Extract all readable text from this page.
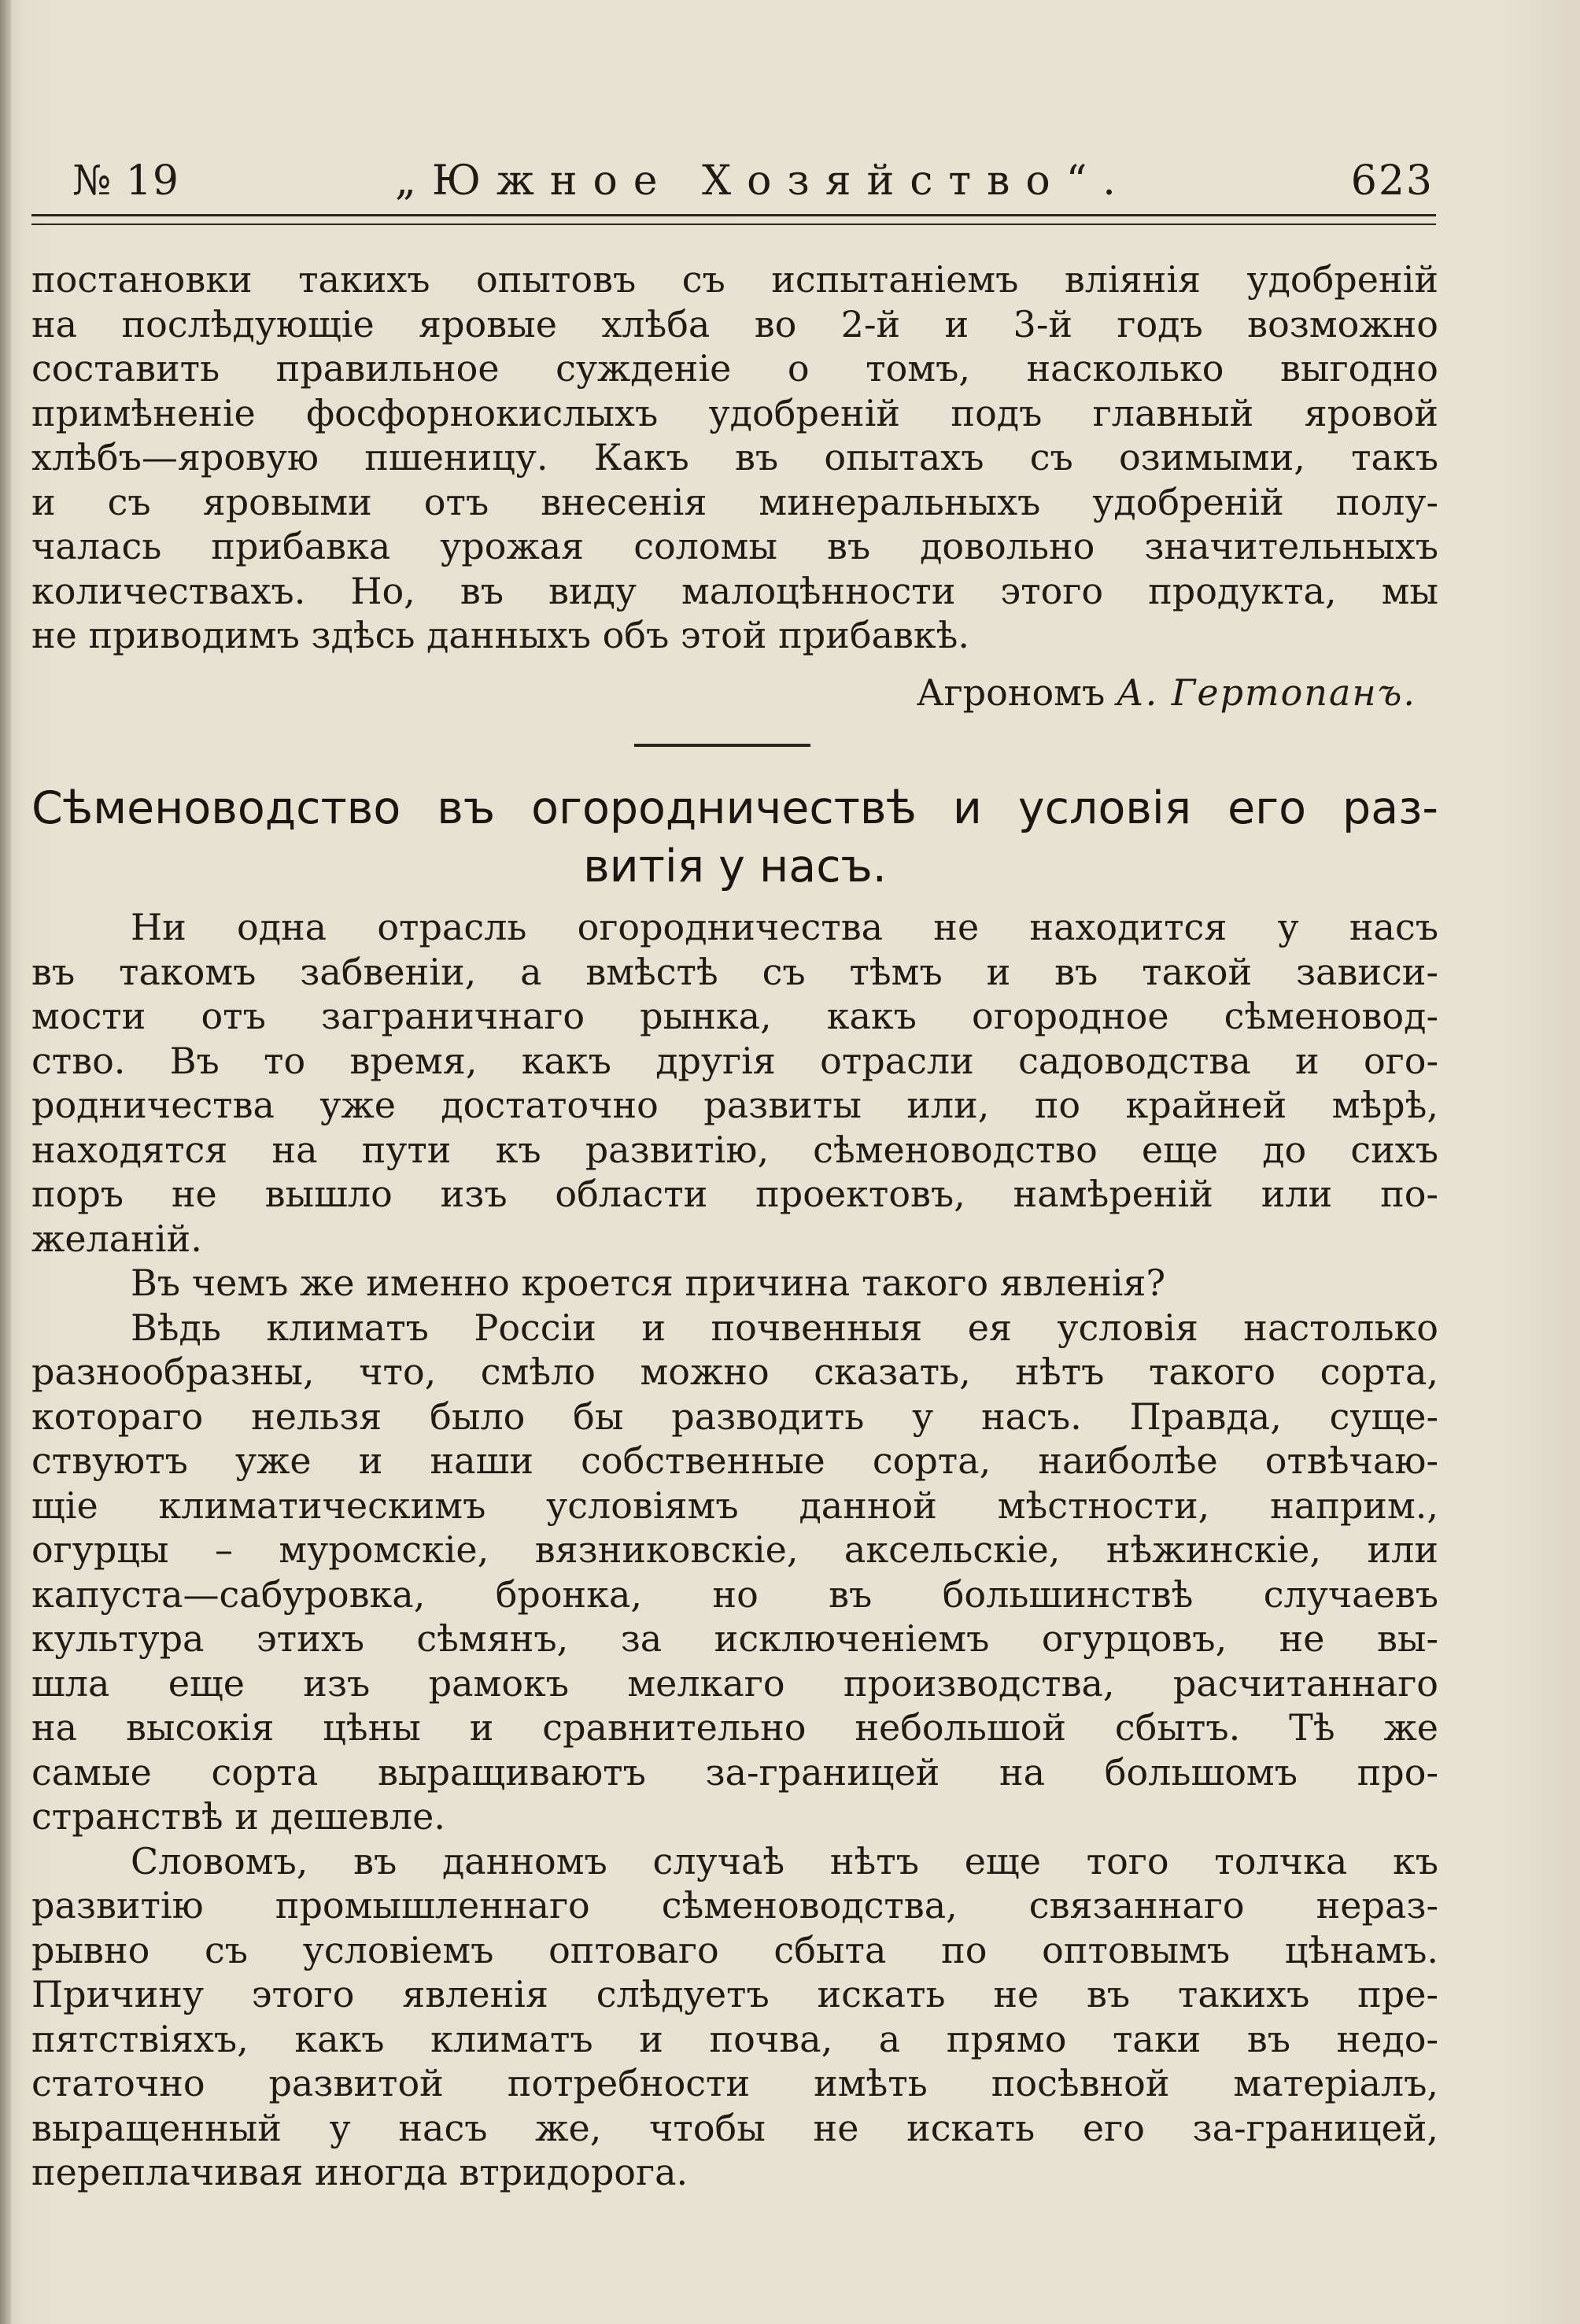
№ 19	„Южное Хозяйство“.	623
постановки такихъ опытовъ съ испытаніемъ вліянія удобреній
на послѣдующіе яровые хлѣба во 2-й и 3-й годъ возможно
составить правильное сужденіе о томъ, насколько выгодно
примѣненіе фосфорнокислыхъ удобреній подъ главный яровой
хлѣбъ—яровую пшеницу. Какъ въ опытахъ съ озимыми, такъ
и съ яровыми отъ внесенія минеральныхъ удобреній полу-
чалась прибавка урожая соломы въ довольно значительныхъ
количествахъ. Но, въ виду малоцѣнности этого продукта, мы
не приводимъ здѣсь данныхъ объ этой прибавкѣ.
Агрономъ А. Гертопанъ.
Сѣменоводство въ огородничествѣ и условія его раз-
витія у насъ.
Ни одна отрасль огородничества не находится у насъ
въ такомъ забвеніи, а вмѣстѣ съ тѣмъ и въ такой зависи-
мости отъ заграничнаго рынка, какъ огородное сѣменовод-
ство. Въ то время, какъ другія отрасли садоводства и ого-
родничества уже достаточно развиты или, по крайней мѣрѣ,
находятся на пути къ развитію, сѣменоводство еще до сихъ
поръ не вышло изъ области проектовъ, намѣреній или по-
желаній.
Въ чемъ же именно кроется причина такого явленія?
Вѣдь климатъ Россіи и почвенныя ея условія настолько
разнообразны, что, смѣло можно сказать, нѣтъ такого сорта,
котораго нельзя было бы разводить у насъ. Правда, суще-
ствуютъ уже и наши собственные сорта, наиболѣе отвѣчаю-
щіе климатическимъ условіямъ данной мѣстности, наприм.,
огурцы – муромскіе, вязниковскіе, аксельскіе, нѣжинскіе, или
капуста—сабуровка, бронка, но въ большинствѣ случаевъ
культура этихъ сѣмянъ, за исключеніемъ огурцовъ, не вы-
шла еще изъ рамокъ мелкаго производства, расчитаннаго
на высокія цѣны и сравнительно небольшой сбытъ. Тѣ же
самые сорта выращиваютъ за-границей на большомъ про-
странствѣ и дешевле.
Словомъ, въ данномъ случаѣ нѣтъ еще того толчка къ
развитію промышленнаго сѣменоводства, связаннаго нераз-
рывно съ условіемъ оптоваго сбыта по оптовымъ цѣнамъ.
Причину этого явленія слѣдуетъ искать не въ такихъ пре-
пятствіяхъ, какъ климатъ и почва, а прямо таки въ недо-
статочно развитой потребности имѣть посѣвной матеріалъ,
выращенный у насъ же, чтобы не искать его за-границей,
переплачивая иногда втридорога.
